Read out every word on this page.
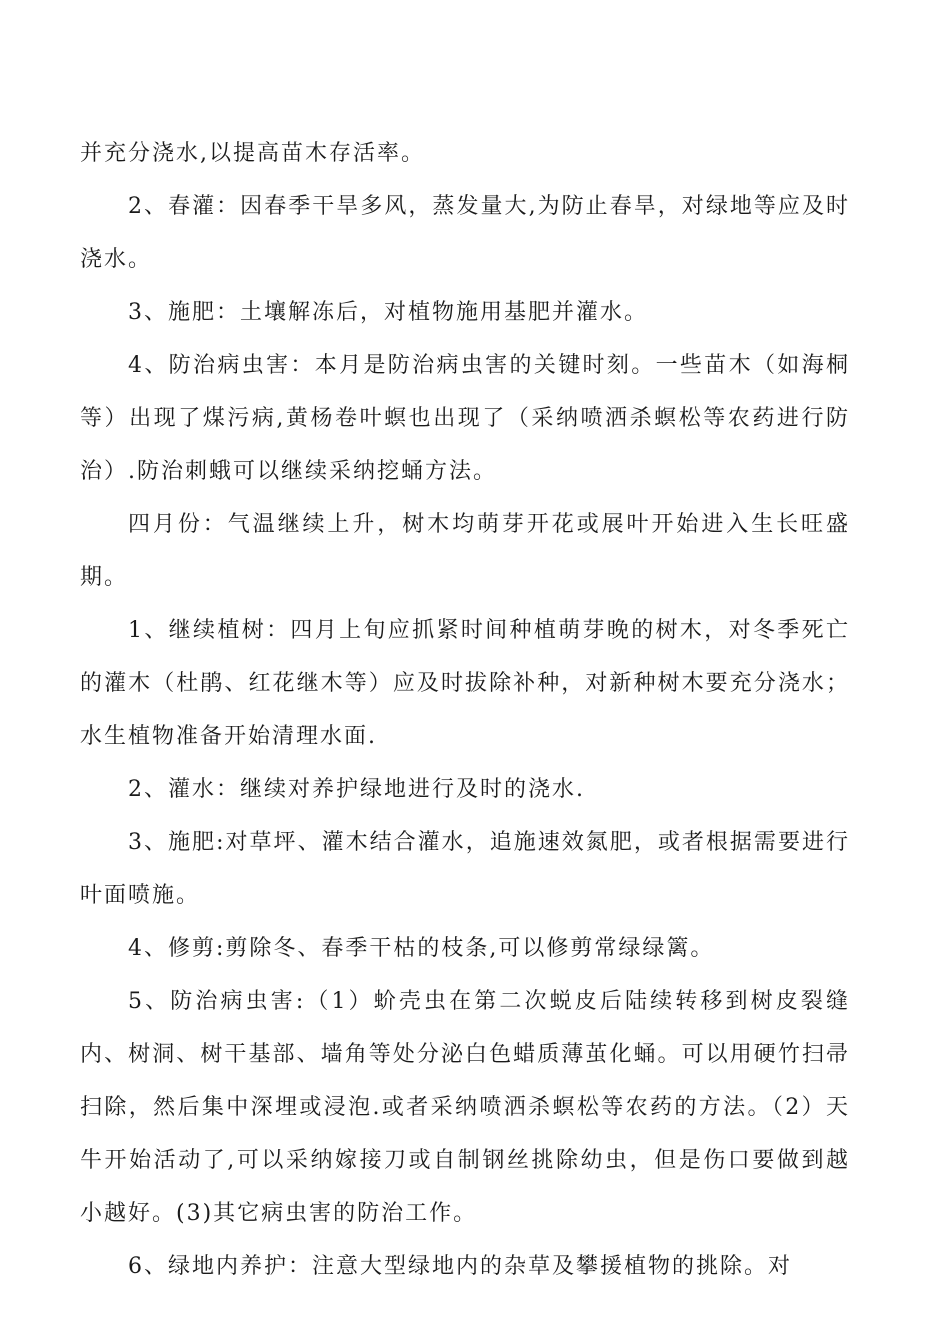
并充分浇水,以提高苗木存活率。

2、春灌：因春季干旱多风，蒸发量大,为防止春旱，对绿地等应及时浇水。

3、施肥：土壤解冻后，对植物施用基肥并灌水。

4、防治病虫害：本月是防治病虫害的关键时刻。一些苗木（如海桐等）出现了煤污病,黄杨卷叶螟也出现了（采纳喷洒杀螟松等农药进行防治）.防治刺蛾可以继续采纳挖蛹方法。

四月份：气温继续上升，树木均萌芽开花或展叶开始进入生长旺盛期。

1、继续植树：四月上旬应抓紧时间种植萌芽晚的树木，对冬季死亡的灌木（杜鹃、红花继木等）应及时拔除补种，对新种树木要充分浇水；水生植物准备开始清理水面.

2、灌水：继续对养护绿地进行及时的浇水.

3、施肥:对草坪、灌木结合灌水，追施速效氮肥，或者根据需要进行叶面喷施。

4、修剪:剪除冬、春季干枯的枝条,可以修剪常绿绿篱。

5、防治病虫害:（1）蚧壳虫在第二次蜕皮后陆续转移到树皮裂缝内、树洞、树干基部、墙角等处分泌白色蜡质薄茧化蛹。可以用硬竹扫帚扫除，然后集中深埋或浸泡.或者采纳喷洒杀螟松等农药的方法。（2）天牛开始活动了,可以采纳嫁接刀或自制钢丝挑除幼虫，但是伤口要做到越小越好。(3)其它病虫害的防治工作。

6、绿地内养护：注意大型绿地内的杂草及攀援植物的挑除。对
